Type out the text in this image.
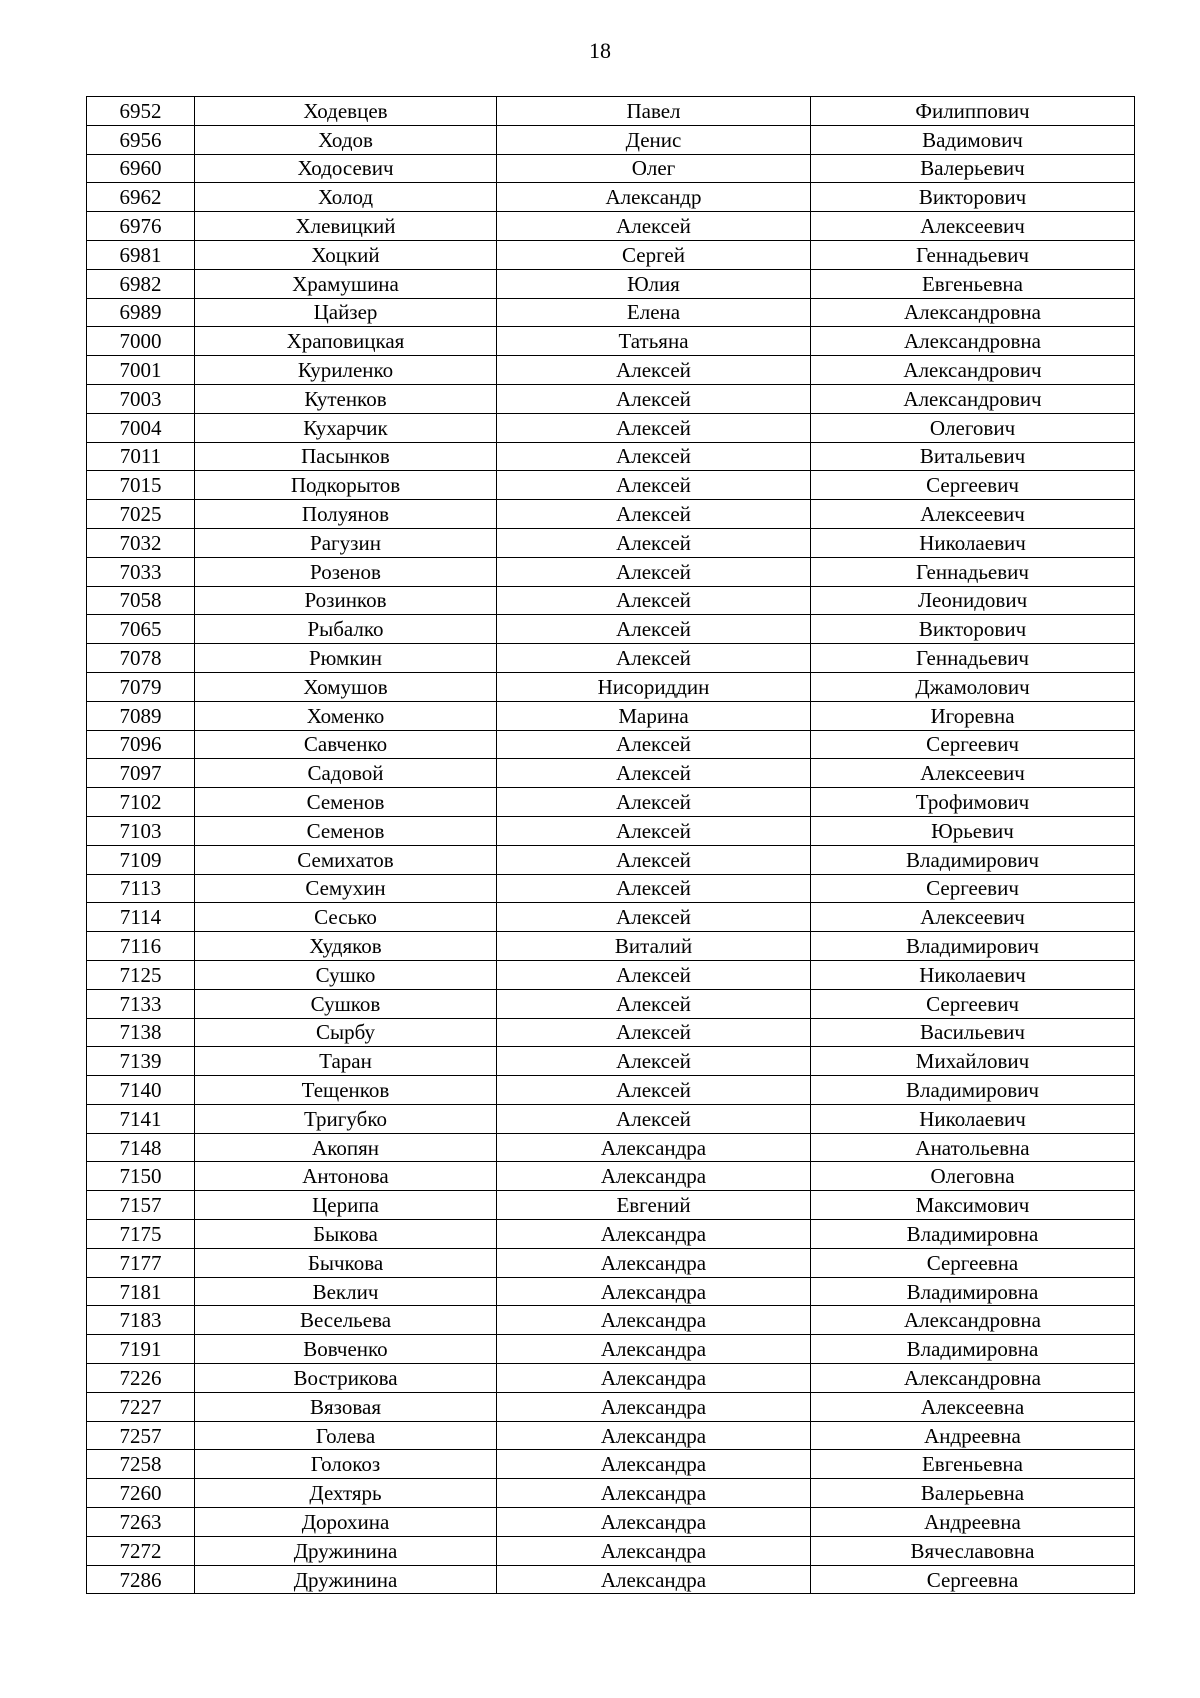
18
6952	Ходевцев	Павел	Филиппович
6956	Ходов	Денис	Вадимович
6960	Ходосевич	Олег	Валерьевич
6962	Холод	Александр	Викторович
6976	Хлевицкий	Алексей	Алексеевич
6981	Хоцкий	Сергей	Геннадьевич
6982	Храмушина	Юлия	Евгеньевна
6989	Цайзер	Елена	Александровна
7000	Храповицкая	Татьяна	Александровна
7001	Куриленко	Алексей	Александрович
7003	Кутенков	Алексей	Александрович
7004	Кухарчик	Алексей	Олегович
7011	Пасынков	Алексей	Витальевич
7015	Подкорытов	Алексей	Сергеевич
7025	Полуянов	Алексей	Алексеевич
7032	Рагузин	Алексей	Николаевич
7033	Розенов	Алексей	Геннадьевич
7058	Розинков	Алексей	Леонидович
7065	Рыбалко	Алексей	Викторович
7078	Рюмкин	Алексей	Геннадьевич
7079	Хомушов	Нисориддин	Джамолович
7089	Хоменко	Марина	Игоревна
7096	Савченко	Алексей	Сергеевич
7097	Садовой	Алексей	Алексеевич
7102	Семенов	Алексей	Трофимович
7103	Семенов	Алексей	Юрьевич
7109	Семихатов	Алексей	Владимирович
7113	Семухин	Алексей	Сергеевич
7114	Сесько	Алексей	Алексеевич
7116	Худяков	Виталий	Владимирович
7125	Сушко	Алексей	Николаевич
7133	Сушков	Алексей	Сергеевич
7138	Сырбу	Алексей	Васильевич
7139	Таран	Алексей	Михайлович
7140	Тещенков	Алексей	Владимирович
7141	Тригубко	Алексей	Николаевич
7148	Акопян	Александра	Анатольевна
7150	Антонова	Александра	Олеговна
7157	Церипа	Евгений	Максимович
7175	Быкова	Александра	Владимировна
7177	Бычкова	Александра	Сергеевна
7181	Веклич	Александра	Владимировна
7183	Весельева	Александра	Александровна
7191	Вовченко	Александра	Владимировна
7226	Вострикова	Александра	Александровна
7227	Вязовая	Александра	Алексеевна
7257	Голева	Александра	Андреевна
7258	Голокоз	Александра	Евгеньевна
7260	Дехтярь	Александра	Валерьевна
7263	Дорохина	Александра	Андреевна
7272	Дружинина	Александра	Вячеславовна
7286	Дружинина	Александра	Сергеевна
